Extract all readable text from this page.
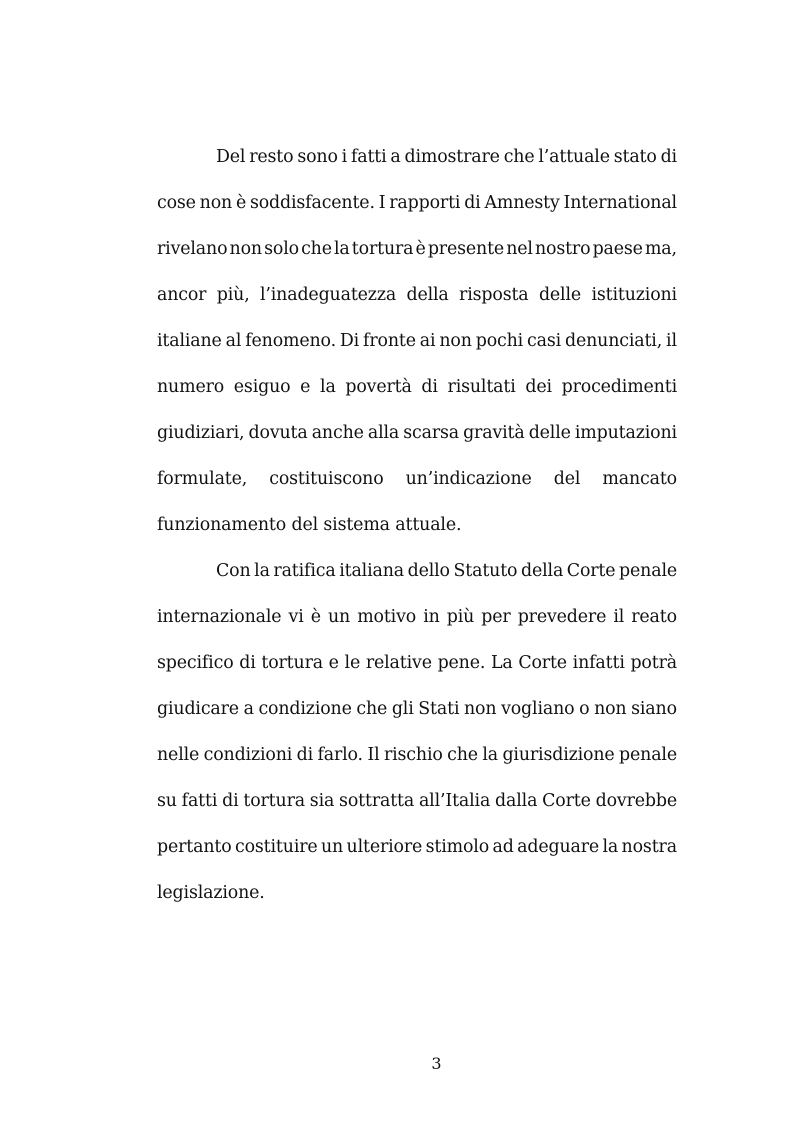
Del resto sono i fatti a dimostrare che l’attuale stato di
cose non è soddisfacente. I rapporti di Amnesty International
rivelano non solo che la tortura è presente nel nostro paese ma,
ancor più, l’inadeguatezza della risposta delle istituzioni
italiane al fenomeno. Di fronte ai non pochi casi denunciati, il
numero esiguo e la povertà di risultati dei procedimenti
giudiziari, dovuta anche alla scarsa gravità delle imputazioni
formulate, costituiscono un’indicazione del mancato
funzionamento del sistema attuale.
Con la ratifica italiana dello Statuto della Corte penale
internazionale vi è un motivo in più per prevedere il reato
specifico di tortura e le relative pene. La Corte infatti potrà
giudicare a condizione che gli Stati non vogliano o non siano
nelle condizioni di farlo. Il rischio che la giurisdizione penale
su fatti di tortura sia sottratta all’Italia dalla Corte dovrebbe
pertanto costituire un ulteriore stimolo ad adeguare la nostra
legislazione.
3
